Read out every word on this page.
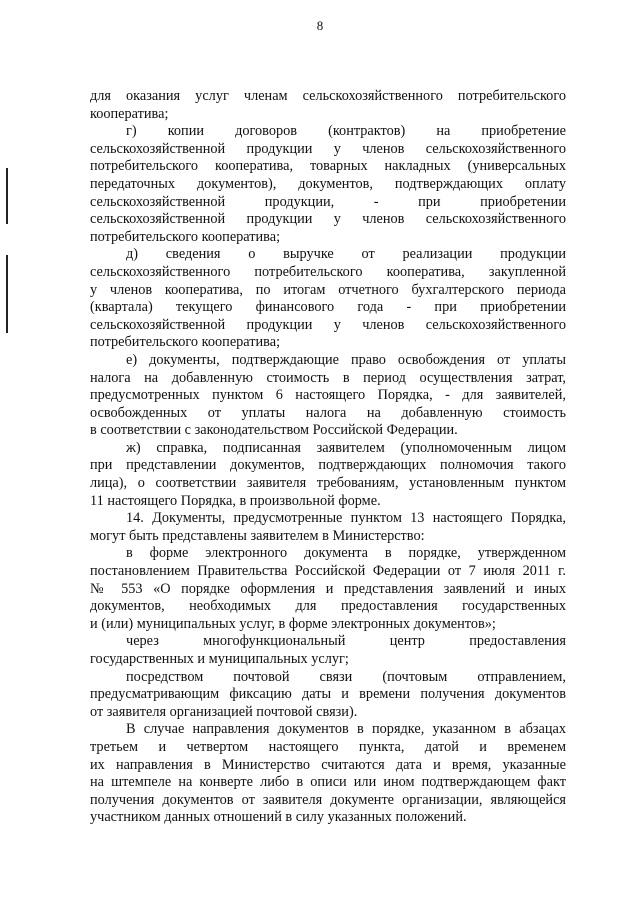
8
для оказания услуг членам сельскохозяйственного потребительского
кооператива;
г) копии договоров (контрактов) на приобретение
сельскохозяйственной продукции у членов сельскохозяйственного
потребительского кооператива, товарных накладных (универсальных
передаточных документов), документов, подтверждающих оплату
сельскохозяйственной продукции, - при приобретении
сельскохозяйственной продукции у членов сельскохозяйственного
потребительского кооператива;
д) сведения о выручке от реализации продукции
сельскохозяйственного потребительского кооператива, закупленной
у членов кооператива, по итогам отчетного бухгалтерского периода
(квартала) текущего финансового года - при приобретении
сельскохозяйственной продукции у членов сельскохозяйственного
потребительского кооператива;
е) документы, подтверждающие право освобождения от уплаты
налога на добавленную стоимость в период осуществления затрат,
предусмотренных пунктом 6 настоящего Порядка, - для заявителей,
освобожденных от уплаты налога на добавленную стоимость
в соответствии с законодательством Российской Федерации.
ж) справка, подписанная заявителем (уполномоченным лицом
при представлении документов, подтверждающих полномочия такого
лица), о соответствии заявителя требованиям, установленным пунктом
11 настоящего Порядка, в произвольной форме.
14. Документы, предусмотренные пунктом 13 настоящего Порядка,
могут быть представлены заявителем в Министерство:
в форме электронного документа в порядке, утвержденном
постановлением Правительства Российской Федерации от 7 июля 2011 г.
№ 553 «О порядке оформления и представления заявлений и иных
документов, необходимых для предоставления государственных
и (или) муниципальных услуг, в форме электронных документов»;
через многофункциональный центр предоставления
государственных и муниципальных услуг;
посредством почтовой связи (почтовым отправлением,
предусматривающим фиксацию даты и времени получения документов
от заявителя организацией почтовой связи).
В случае направления документов в порядке, указанном в абзацах
третьем и четвертом настоящего пункта, датой и временем
их направления в Министерство считаются дата и время, указанные
на штемпеле на конверте либо в описи или ином подтверждающем факт
получения документов от заявителя документе организации, являющейся
участником данных отношений в силу указанных положений.
